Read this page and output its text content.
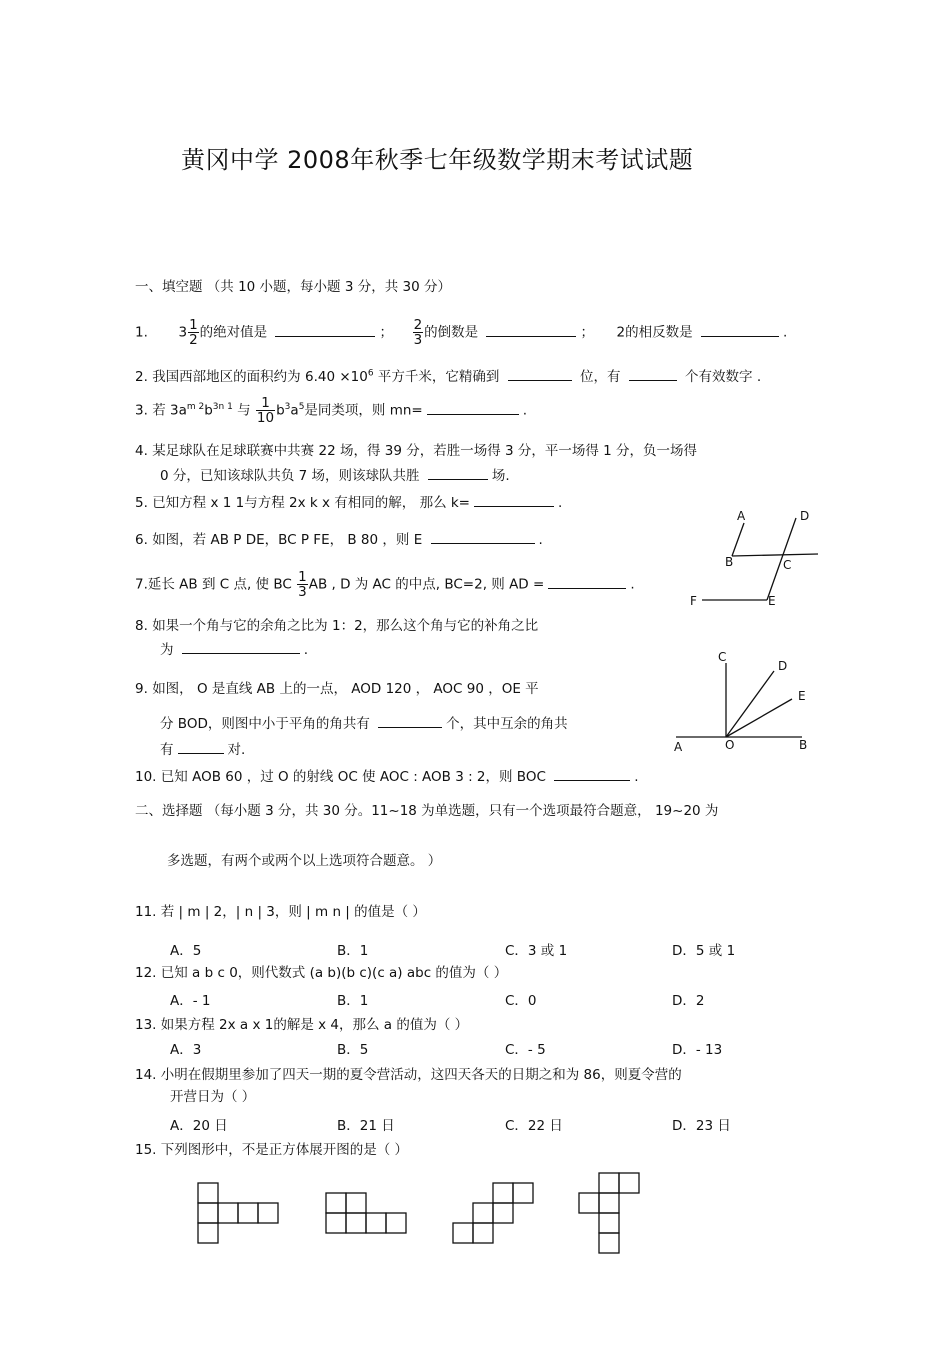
黄冈中学 2008年秋季七年级数学期末考试试题
一、填空题 （共 10 小题，每小题 3 分，共 30 分）
1. $3 \frac{1}{2}$ 的绝对值是	； $\frac{2}{3}$ 的倒数是	； 2的相反数是	.
2. 我国西部地区的面积约为 $6.40 \times 10^6$ 平方千米，它精确到	位，有	个有效数字 .
3. 若 $3a^{m 2}b^{3n 1}$ 与 $\frac{1}{10} b^3a^5$是同类项，则 mn=	.
4. 某足球队在足球联赛中共赛 22 场，得 39 分，若胜一场得 3 分，平一场得 1 分，负一场得
0 分，已知该球队共负 7 场，则该球队共胜	场.
5. 已知方程 x 1 1与方程 2x k x 有相同的解， 那么 k=	.
6. 如图，若 AB P DE，BC P FE， B 80 ，则 E	.
A	D
B	C
F	E
7.延长 AB 到 C 点, 使 BC $\frac{1}{3}$ AB , D 为 AC 的中点, BC=2, 则 AD =	.
8. 如果一个角与它的余角之比为 1：2，那么这个角与它的补角之比
为	.
9. 如图， O 是直线 AB 上的一点， AOD 120 ， AOC 90 ，OE 平
分 BOD，则图中小于平角的角共有	个，其中互余的角共
有	对.
C
D
E
A	O	B
10. 已知 AOB 60 ，过 O 的射线 OC 使 AOC : AOB 3 : 2，则 BOC	.
二、选择题 （每小题 3 分，共 30 分。11~18 为单选题，只有一个选项最符合题意， 19~20 为
多选题，有两个或两个以上选项符合题意。 ）
11. 若 | m | 2，| n | 3，则 | m n | 的值是（ ）
A．5	B．1	C．3 或 1	D．5 或 1
12. 已知 a b c 0，则代数式 (a b)(b c)(c a) abc 的值为（ ）
A．- 1	B．1	C．0	D．2
13. 如果方程 2x a x 1的解是 x 4，那么 a 的值为（ ）
A．3	B．5	C．- 5	D．- 13
14. 小明在假期里参加了四天一期的夏令营活动，这四天各天的日期之和为 86，则夏令营的
开营日为（ ）
A．20 日	B．21 日	C．22 日	D．23 日
15. 下列图形中，不是正方体展开图的是（ ）
